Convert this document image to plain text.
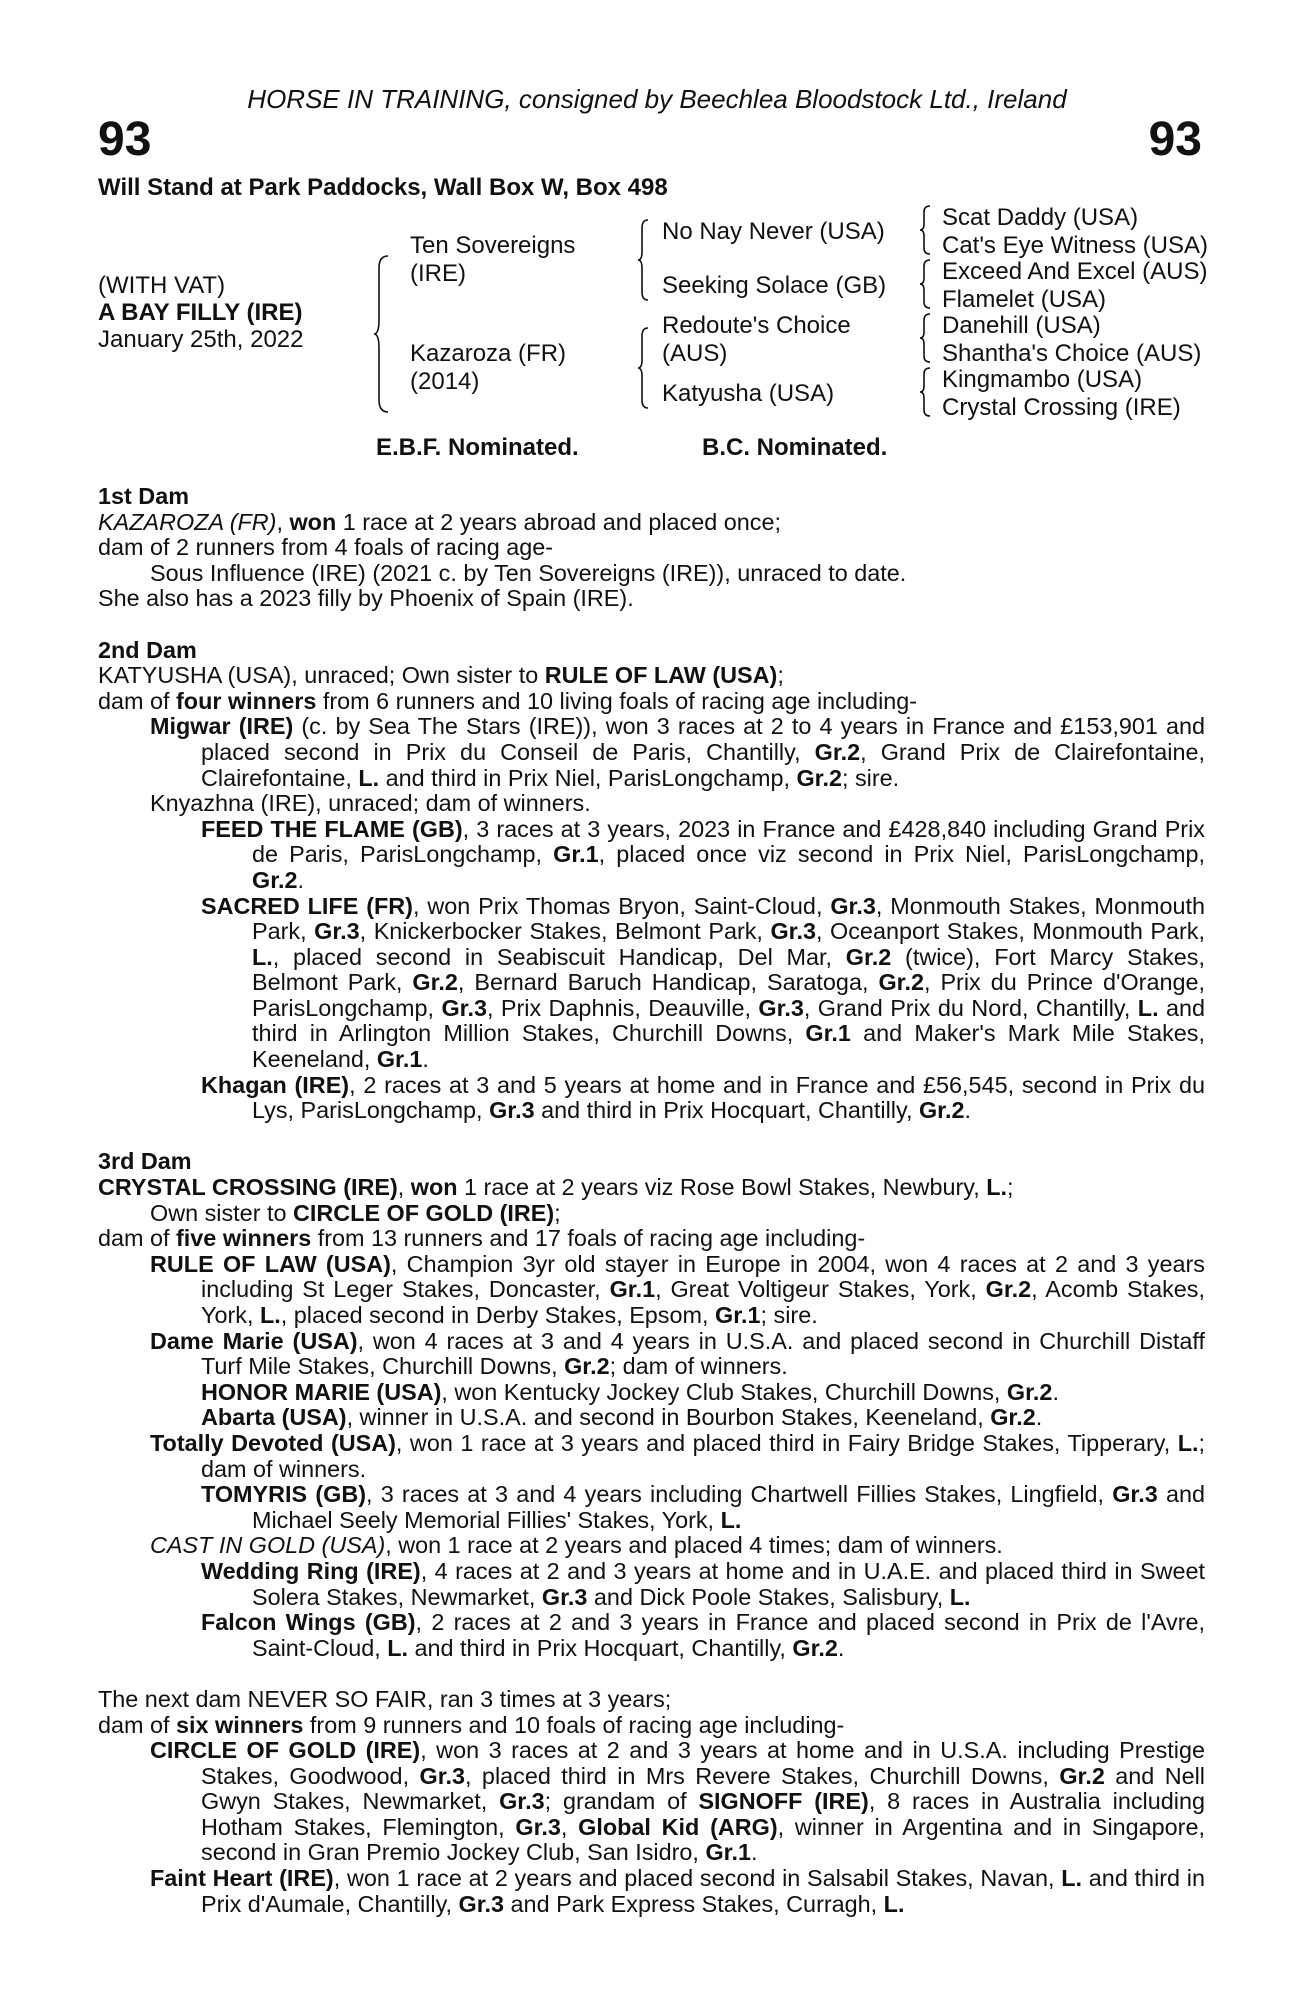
HORSE IN TRAINING, consigned by Beechlea Bloodstock Ltd., Ireland
93	93
Will Stand at Park Paddocks, Wall Box W, Box 498
(WITH VAT)
A BAY FILLY (IRE)
January 25th, 2022
Ten Sovereigns
(IRE)
Kazaroza (FR)
(2014)
No Nay Never (USA)
Seeking Solace (GB)
Redoute's Choice
(AUS)
Katyusha (USA)
Scat Daddy (USA)
Cat's Eye Witness (USA)
Exceed And Excel (AUS)
Flamelet (USA)
Danehill (USA)
Shantha's Choice (AUS)
Kingmambo (USA)
Crystal Crossing (IRE)
E.B.F. Nominated.	B.C. Nominated.

1st Dam

KAZAROZA (FR), won 1 race at 2 years abroad and placed once;

dam of 2 runners from 4 foals of racing age-

Sous Influence (IRE) (2021 c. by Ten Sovereigns (IRE)), unraced to date.

She also has a 2023 filly by Phoenix of Spain (IRE).

2nd Dam

KATYUSHA (USA), unraced; Own sister to RULE OF LAW (USA);

dam of four winners from 6 runners and 10 living foals of racing age including-

Migwar (IRE) (c. by Sea The Stars (IRE)), won 3 races at 2 to 4 years in France and £153,901 and placed second in Prix du Conseil de Paris, Chantilly, Gr.2, Grand Prix de Clairefontaine, Clairefontaine, L. and third in Prix Niel, ParisLongchamp, Gr.2; sire.

Knyazhna (IRE), unraced; dam of winners.

FEED THE FLAME (GB), 3 races at 3 years, 2023 in France and £428,840 including Grand Prix de Paris, ParisLongchamp, Gr.1, placed once viz second in Prix Niel, ParisLongchamp, Gr.2.

SACRED LIFE (FR), won Prix Thomas Bryon, Saint-Cloud, Gr.3, Monmouth Stakes, Monmouth Park, Gr.3, Knickerbocker Stakes, Belmont Park, Gr.3, Oceanport Stakes, Monmouth Park, L., placed second in Seabiscuit Handicap, Del Mar, Gr.2 (twice), Fort Marcy Stakes, Belmont Park, Gr.2, Bernard Baruch Handicap, Saratoga, Gr.2, Prix du Prince d'Orange, ParisLongchamp, Gr.3, Prix Daphnis, Deauville, Gr.3, Grand Prix du Nord, Chantilly, L. and third in Arlington Million Stakes, Churchill Downs, Gr.1 and Maker's Mark Mile Stakes, Keeneland, Gr.1.

Khagan (IRE), 2 races at 3 and 5 years at home and in France and £56,545, second in Prix du Lys, ParisLongchamp, Gr.3 and third in Prix Hocquart, Chantilly, Gr.2.

3rd Dam

CRYSTAL CROSSING (IRE), won 1 race at 2 years viz Rose Bowl Stakes, Newbury, L.;

Own sister to CIRCLE OF GOLD (IRE);

dam of five winners from 13 runners and 17 foals of racing age including-

RULE OF LAW (USA), Champion 3yr old stayer in Europe in 2004, won 4 races at 2 and 3 years including St Leger Stakes, Doncaster, Gr.1, Great Voltigeur Stakes, York, Gr.2, Acomb Stakes, York, L., placed second in Derby Stakes, Epsom, Gr.1; sire.

Dame Marie (USA), won 4 races at 3 and 4 years in U.S.A. and placed second in Churchill Distaff Turf Mile Stakes, Churchill Downs, Gr.2; dam of winners.

HONOR MARIE (USA), won Kentucky Jockey Club Stakes, Churchill Downs, Gr.2.

Abarta (USA), winner in U.S.A. and second in Bourbon Stakes, Keeneland, Gr.2.

Totally Devoted (USA), won 1 race at 3 years and placed third in Fairy Bridge Stakes, Tipperary, L.; dam of winners.

TOMYRIS (GB), 3 races at 3 and 4 years including Chartwell Fillies Stakes, Lingfield, Gr.3 and Michael Seely Memorial Fillies' Stakes, York, L.

CAST IN GOLD (USA), won 1 race at 2 years and placed 4 times; dam of winners.

Wedding Ring (IRE), 4 races at 2 and 3 years at home and in U.A.E. and placed third in Sweet Solera Stakes, Newmarket, Gr.3 and Dick Poole Stakes, Salisbury, L.

Falcon Wings (GB), 2 races at 2 and 3 years in France and placed second in Prix de l'Avre, Saint-Cloud, L. and third in Prix Hocquart, Chantilly, Gr.2.

The next dam NEVER SO FAIR, ran 3 times at 3 years;

dam of six winners from 9 runners and 10 foals of racing age including-

CIRCLE OF GOLD (IRE), won 3 races at 2 and 3 years at home and in U.S.A. including Prestige Stakes, Goodwood, Gr.3, placed third in Mrs Revere Stakes, Churchill Downs, Gr.2 and Nell Gwyn Stakes, Newmarket, Gr.3; grandam of SIGNOFF (IRE), 8 races in Australia including Hotham Stakes, Flemington, Gr.3, Global Kid (ARG), winner in Argentina and in Singapore, second in Gran Premio Jockey Club, San Isidro, Gr.1.

Faint Heart (IRE), won 1 race at 2 years and placed second in Salsabil Stakes, Navan, L. and third in Prix d'Aumale, Chantilly, Gr.3 and Park Express Stakes, Curragh, L.
